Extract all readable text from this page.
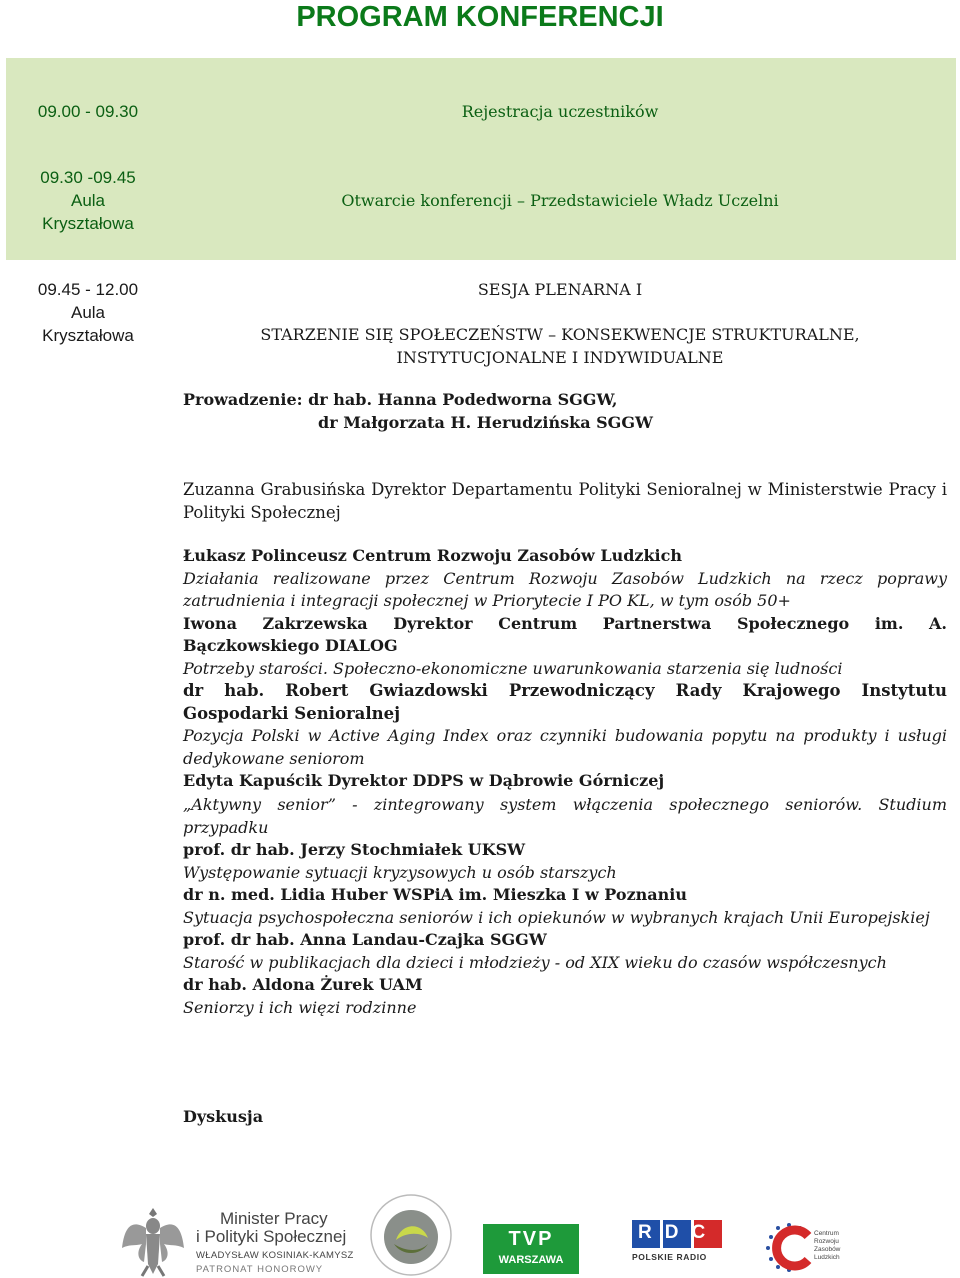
PROGRAM KONFERENCJI
09.00 - 09.30	Rejestracja uczestników
09.30 -09.45
Aula
Kryształowa
Otwarcie konferencji – Przedstawiciele Władz Uczelni
09.45 - 12.00
Aula
Kryształowa
SESJA PLENARNA I
STARZENIE SIĘ SPOŁECZEŃSTW – KONSEKWENCJE STRUKTURALNE,
INSTYTUCJONALNE I INDYWIDUALNE
Prowadzenie: dr hab. Hanna Podedworna SGGW,
dr Małgorzata H. Herudzińska SGGW
Zuzanna Grabusińska Dyrektor Departamentu Polityki Senioralnej w Ministerstwie Pracy i Polityki Społecznej
Łukasz Polinceusz Centrum Rozwoju Zasobów Ludzkich
Działania realizowane przez Centrum Rozwoju Zasobów Ludzkich na rzecz poprawy zatrudnienia i integracji społecznej w Priorytecie I PO KL, w tym osób 50+
Iwona Zakrzewska Dyrektor Centrum Partnerstwa Społecznego im. A. Bączkowskiego DIALOG
Potrzeby starości. Społeczno-ekonomiczne uwarunkowania starzenia się ludności
dr hab. Robert Gwiazdowski Przewodniczący Rady Krajowego Instytutu Gospodarki Senioralnej
Pozycja Polski w Active Aging Index oraz czynniki budowania popytu na produkty i usługi dedykowane seniorom
Edyta Kapuścik Dyrektor DDPS w Dąbrowie Górniczej
„Aktywny senior” - zintegrowany system włączenia społecznego seniorów. Studium przypadku
prof. dr hab. Jerzy Stochmiałek UKSW
Występowanie sytuacji kryzysowych u osób starszych
dr n. med. Lidia Huber WSPiA im. Mieszka I w Poznaniu
Sytuacja psychospołeczna seniorów i ich opiekunów w wybranych krajach Unii Europejskiej
prof. dr hab. Anna Landau-Czajka SGGW
Starość w publikacjach dla dzieci i młodzieży - od XIX wieku do czasów współczesnych
dr hab. Aldona Żurek UAM
Seniorzy i ich więzi rodzinne
Dyskusja
Minister Pracy
i Polityki Społecznej
WŁADYSŁAW KOSINIAK-KAMYSZ
PATRONAT HONOROWY
TVP
WARSZAWA
RDC
POLSKIE RADIO
Centrum Rozwoju Zasobów Ludzkich
